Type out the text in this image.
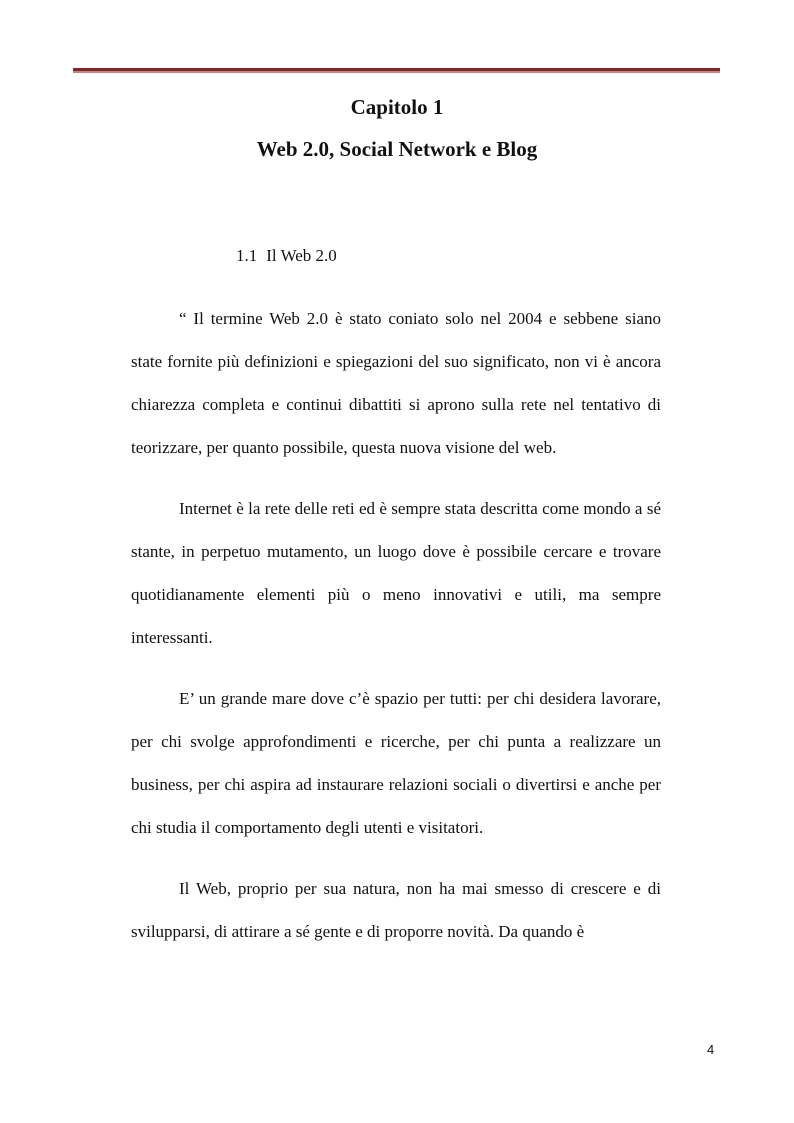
Capitolo 1
Web 2.0, Social Network e Blog
1.1 Il Web 2.0

“ Il termine Web 2.0 è stato coniato solo nel 2004 e sebbene siano state fornite più definizioni e spiegazioni del suo significato, non vi è ancora chiarezza completa e continui dibattiti si aprono sulla rete nel tentativo di teorizzare, per quanto possibile, questa nuova visione del web.

Internet è la rete delle reti ed è sempre stata descritta come mondo a sé stante, in perpetuo mutamento, un luogo dove è possibile cercare e trovare quotidianamente elementi più o meno innovativi e utili, ma sempre interessanti.

E’ un grande mare dove c’è spazio per tutti: per chi desidera lavorare, per chi svolge approfondimenti e ricerche, per chi punta a realizzare un business, per chi aspira ad instaurare relazioni sociali o divertirsi e anche per chi studia il comportamento degli utenti e visitatori.

Il Web, proprio per sua natura, non ha mai smesso di crescere e di svilupparsi, di attirare a sé gente e di proporre novità. Da quando è

4
